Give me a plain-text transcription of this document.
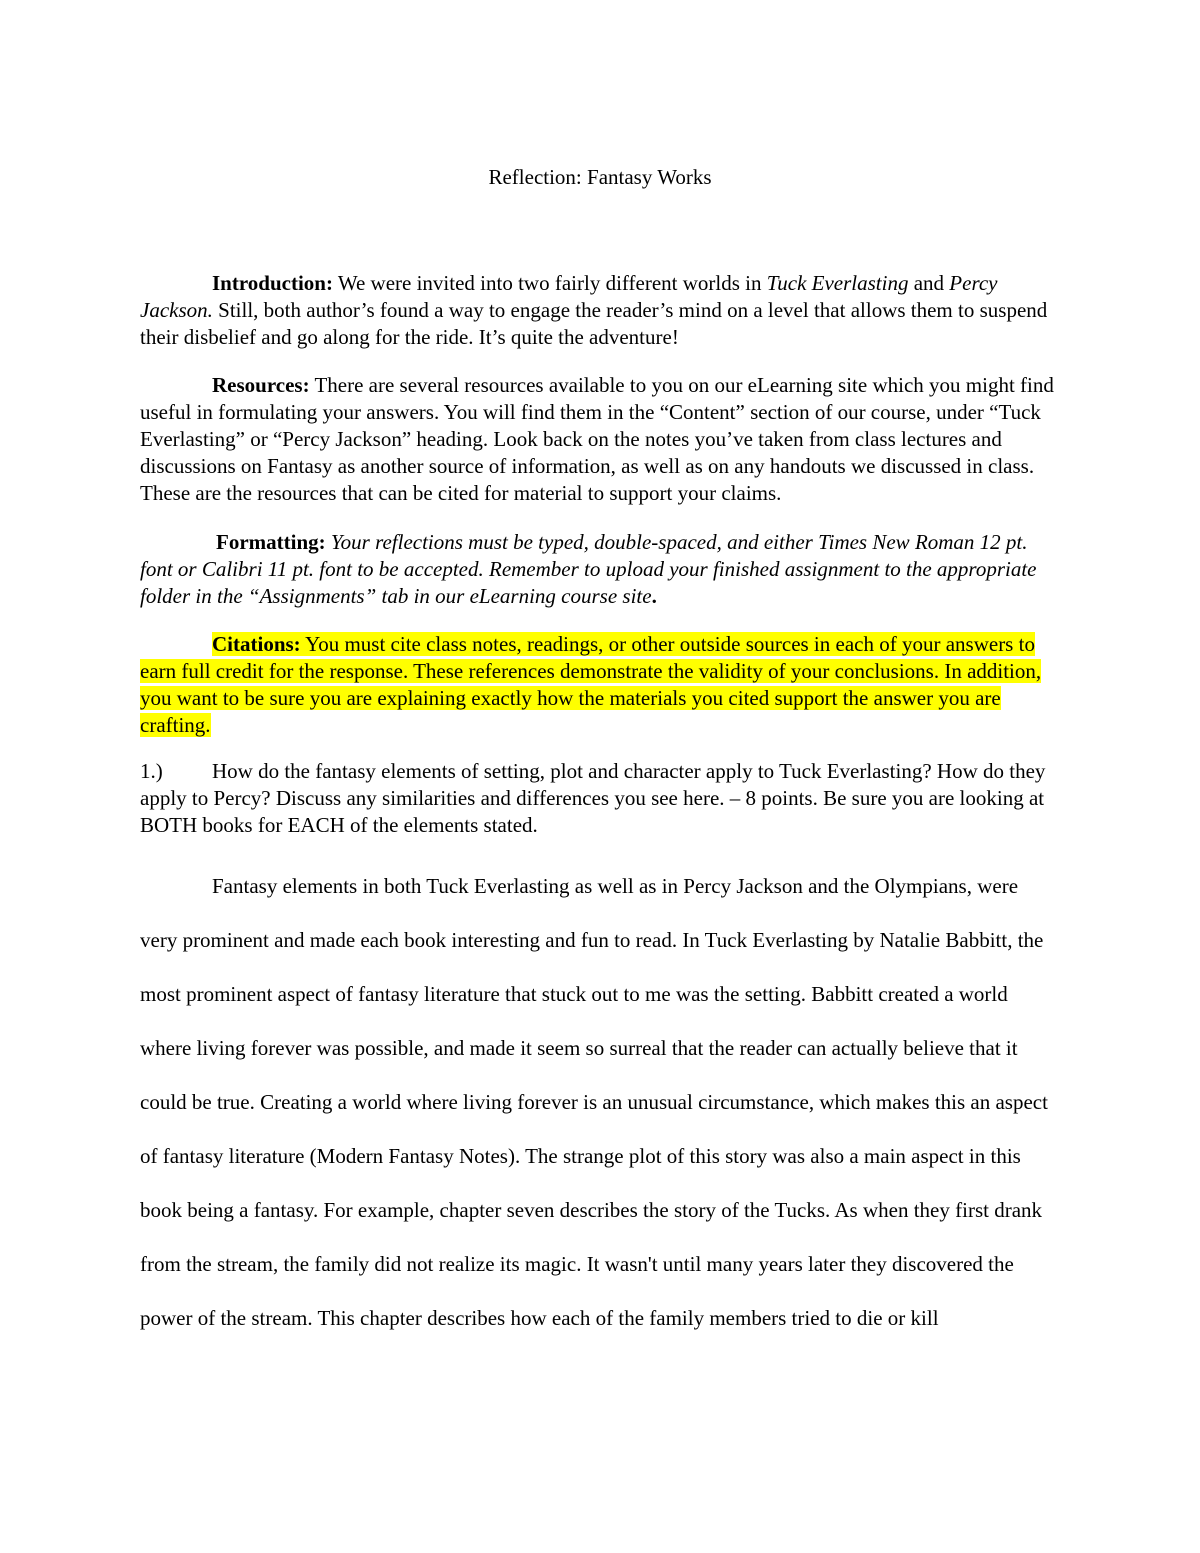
Reflection: Fantasy Works

Introduction: We were invited into two fairly different worlds in Tuck Everlasting and Percy Jackson. Still, both author’s found a way to engage the reader’s mind on a level that allows them to suspend their disbelief and go along for the ride. It’s quite the adventure!

Resources: There are several resources available to you on our eLearning site which you might find useful in formulating your answers. You will find them in the “Content” section of our course, under “Tuck Everlasting” or “Percy Jackson” heading. Look back on the notes you’ve taken from class lectures and discussions on Fantasy as another source of information, as well as on any handouts we discussed in class. These are the resources that can be cited for material to support your claims.

Formatting: Your reflections must be typed, double-spaced, and either Times New Roman 12 pt. font or Calibri 11 pt. font to be accepted. Remember to upload your finished assignment to the appropriate folder in the “Assignments” tab in our eLearning course site.

Citations: You must cite class notes, readings, or other outside sources in each of your answers to earn full credit for the response. These references demonstrate the validity of your conclusions. In addition, you want to be sure you are explaining exactly how the materials you cited support the answer you are crafting.

1.) How do the fantasy elements of setting, plot and character apply to Tuck Everlasting? How do they apply to Percy? Discuss any similarities and differences you see here. – 8 points. Be sure you are looking at BOTH books for EACH of the elements stated.

Fantasy elements in both Tuck Everlasting as well as in Percy Jackson and the Olympians, were very prominent and made each book interesting and fun to read. In Tuck Everlasting by Natalie Babbitt, the most prominent aspect of fantasy literature that stuck out to me was the setting. Babbitt created a world where living forever was possible, and made it seem so surreal that the reader can actually believe that it could be true. Creating a world where living forever is an unusual circumstance, which makes this an aspect of fantasy literature (Modern Fantasy Notes). The strange plot of this story was also a main aspect in this book being a fantasy. For example, chapter seven describes the story of the Tucks. As when they first drank from the stream, the family did not realize its magic. It wasn't until many years later they discovered the power of the stream. This chapter describes how each of the family members tried to die or kill
